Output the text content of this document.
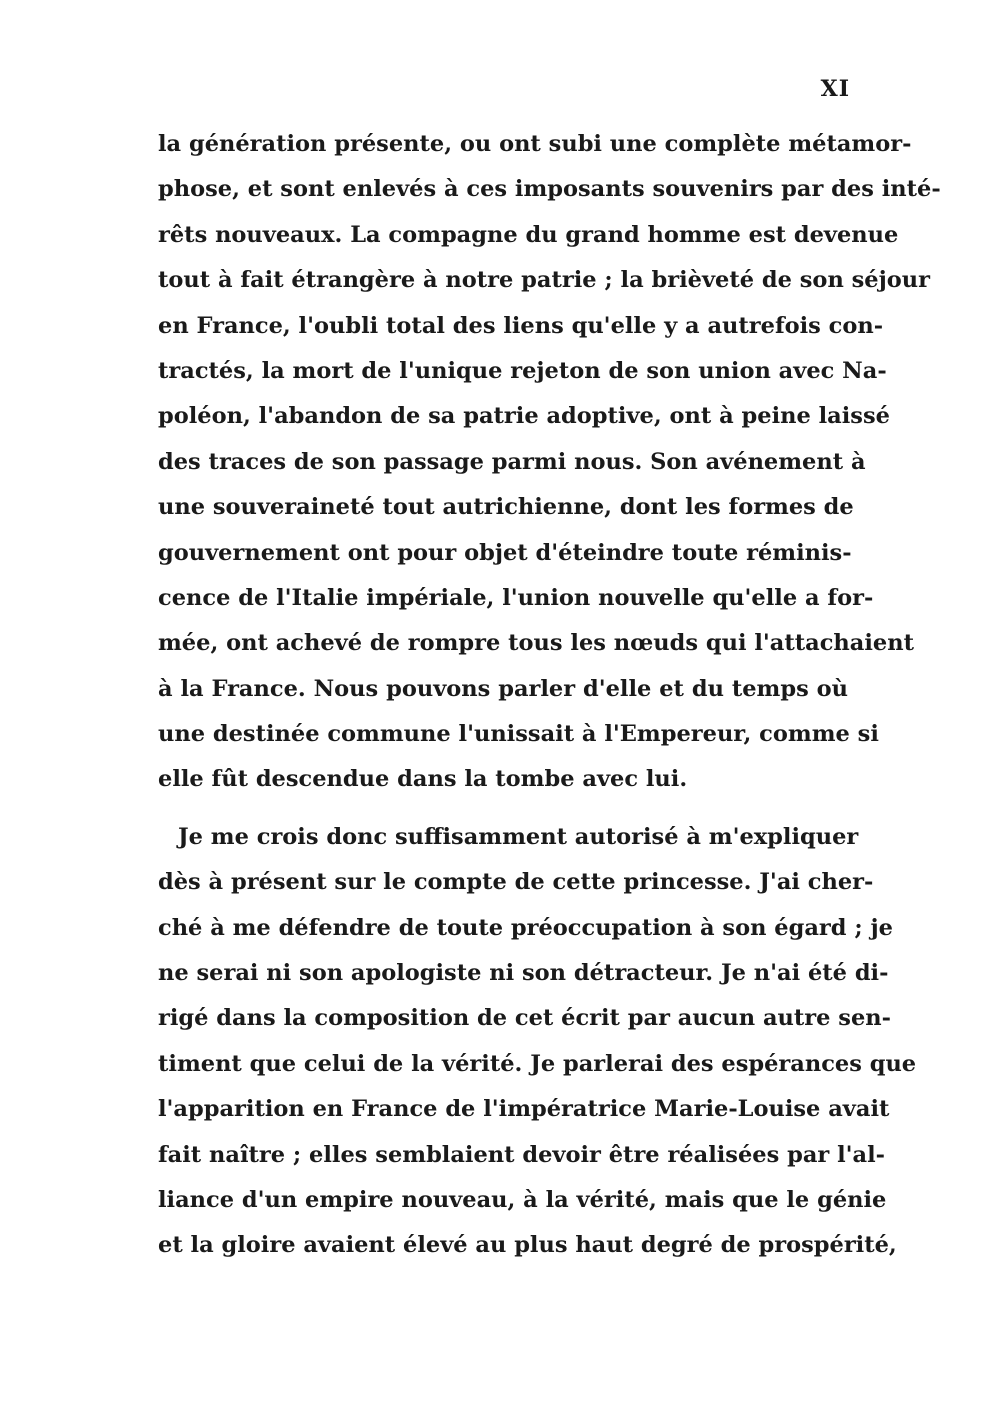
XI
la génération présente, ou ont subi une complète métamor-
phose, et sont enlevés à ces imposants souvenirs par des inté-
rêts nouveaux. La compagne du grand homme est devenue
tout à fait étrangère à notre patrie ; la brièveté de son séjour
en France, l'oubli total des liens qu'elle y a autrefois con-
tractés, la mort de l'unique rejeton de son union avec Na-
poléon, l'abandon de sa patrie adoptive, ont à peine laissé
des traces de son passage parmi nous. Son avénement à
une souveraineté tout autrichienne, dont les formes de
gouvernement ont pour objet d'éteindre toute réminis-
cence de l'Italie impériale, l'union nouvelle qu'elle a for-
mée, ont achevé de rompre tous les nœuds qui l'attachaient
à la France. Nous pouvons parler d'elle et du temps où
une destinée commune l'unissait à l'Empereur, comme si
elle fût descendue dans la tombe avec lui.
Je me crois donc suffisamment autorisé à m'expliquer
dès à présent sur le compte de cette princesse. J'ai cher-
ché à me défendre de toute préoccupation à son égard ; je
ne serai ni son apologiste ni son détracteur. Je n'ai été di-
rigé dans la composition de cet écrit par aucun autre sen-
timent que celui de la vérité. Je parlerai des espérances que
l'apparition en France de l'impératrice Marie-Louise avait
fait naître ; elles semblaient devoir être réalisées par l'al-
liance d'un empire nouveau, à la vérité, mais que le génie
et la gloire avaient élevé au plus haut degré de prospérité,
